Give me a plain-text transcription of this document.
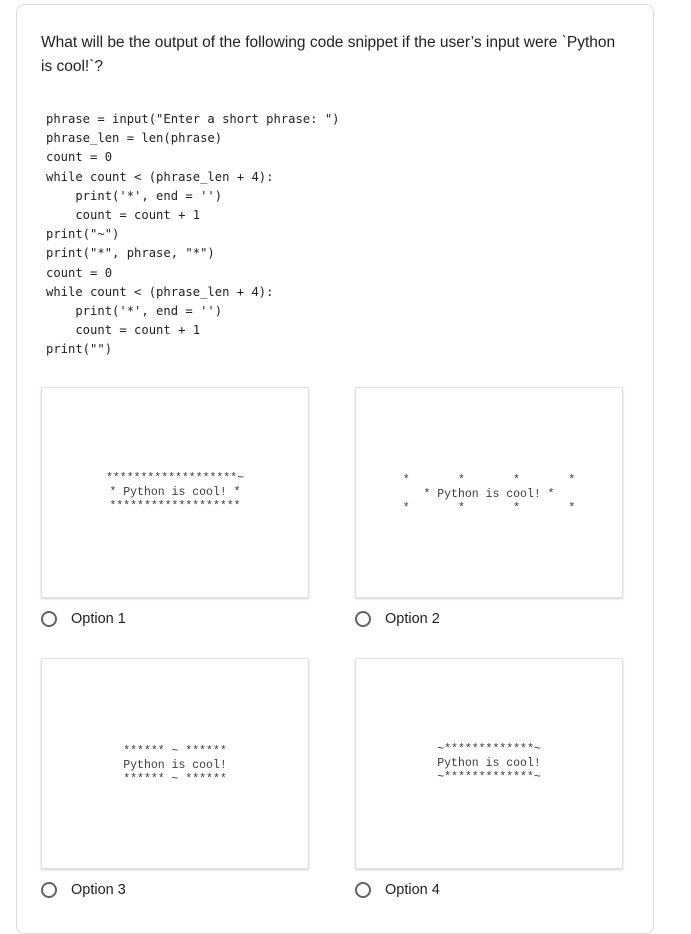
What will be the output of the following code snippet if the user’s input were `Python is cool!`?
phrase = input("Enter a short phrase: ")
phrase_len = len(phrase)
count = 0
while count < (phrase_len + 4):
print('*', end = '')
count = count + 1
print("~")
print("*", phrase, "*")
count = 0
while count < (phrase_len + 4):
print('*', end = '')
count = count + 1
print("")
*******************~
* Python is cool! *
*******************
Option 1
*       *       *       *
* Python is cool! *
*       *       *       *
Option 2
****** ~ ******
Python is cool!
****** ~ ******
Option 3
~*************~
Python is cool!
~*************~
Option 4
